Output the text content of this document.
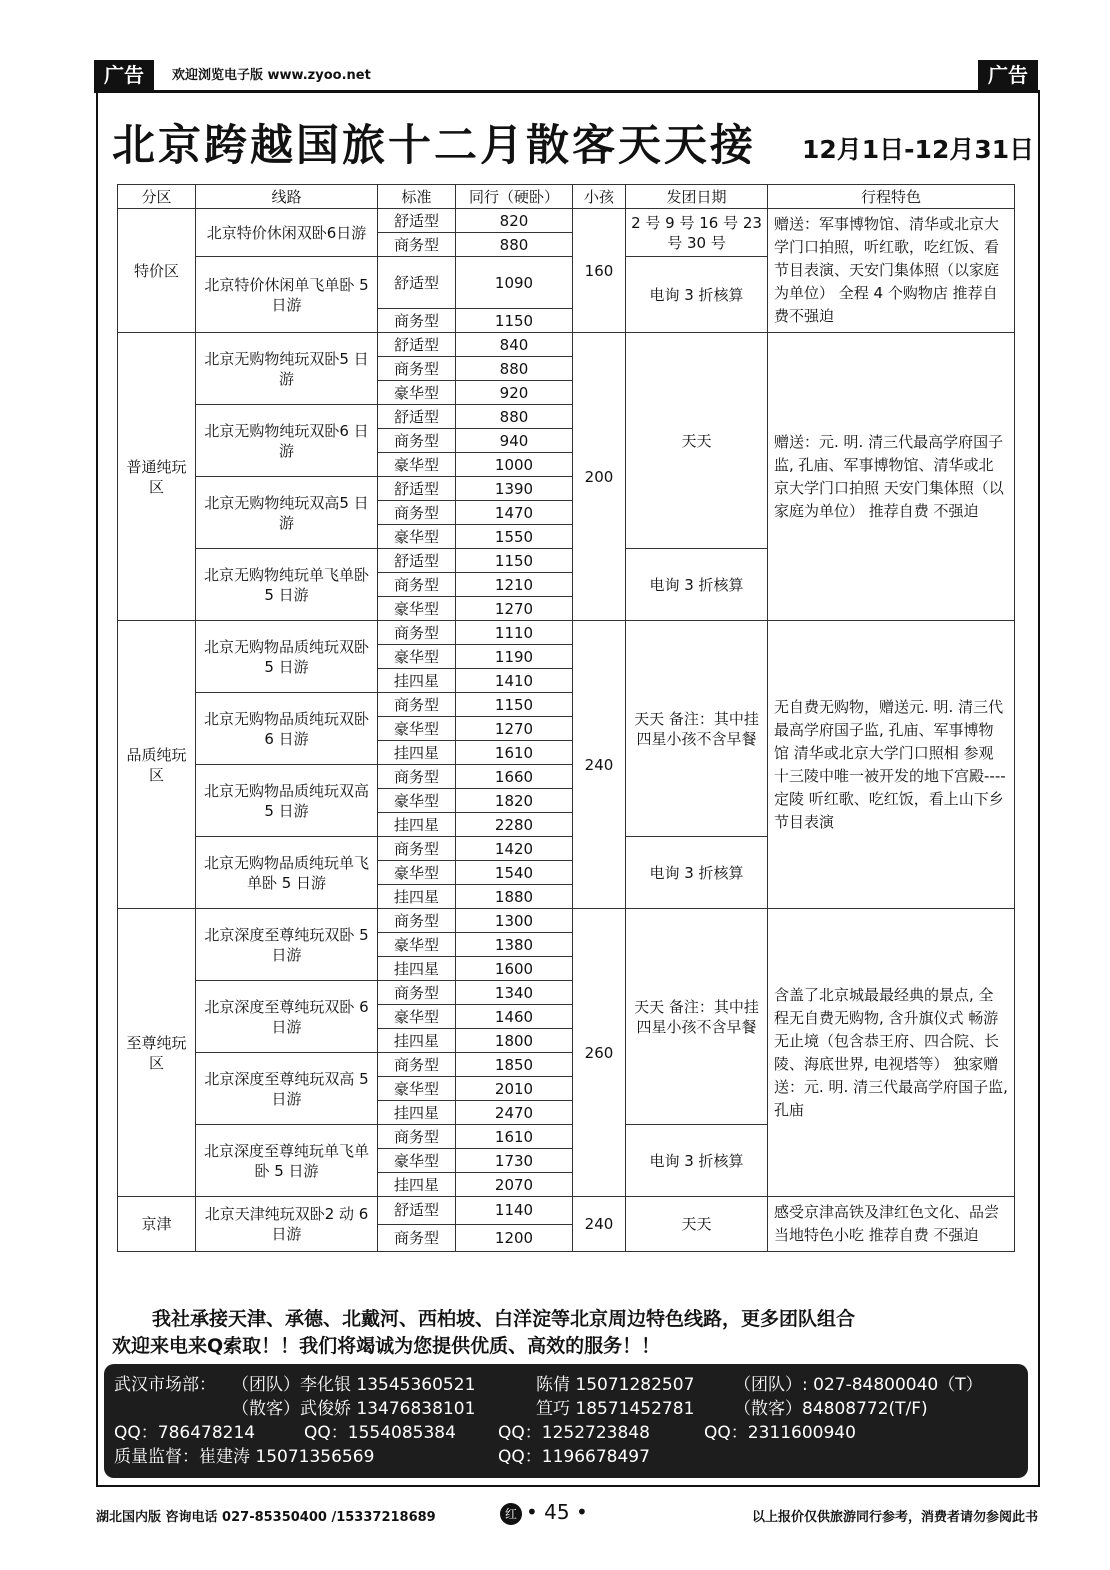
广告	广告
欢迎浏览电子版 www.zyoo.net
北京跨越国旅十二月散客天天接 12月1日-12月31日
分区	线路	标准	同行（硬卧）	小孩	发团日期	行程特色
特价区	北京特价休闲双卧6日游	舒适型	820	160	2 号 9 号 16 号 23 号 30 号	赠送：军事博物馆、清华或北京大学门口拍照，听红歌，吃红饭、看节目表演、天安门集体照（以家庭为单位） 全程 4 个购物店 推荐自费不强迫
		商务型	880			
	北京特价休闲单飞单卧 5 日游	舒适型	1090		电询 3 折核算	
		商务型	1150			
普通纯玩区	北京无购物纯玩双卧5 日游	舒适型	840	200	天天	赠送：元. 明. 清三代最高学府国子监, 孔庙、军事博物馆、清华或北京大学门口拍照 天安门集体照（以家庭为单位） 推荐自费 不强迫
		商务型	880			
		豪华型	920			
	北京无购物纯玩双卧6 日游	舒适型	880			
		商务型	940			
		豪华型	1000			
	北京无购物纯玩双高5 日游	舒适型	1390			
		商务型	1470			
		豪华型	1550			
	北京无购物纯玩单飞单卧 5 日游	舒适型	1150		电询 3 折核算	
		商务型	1210			
		豪华型	1270			
品质纯玩区	北京无购物品质纯玩双卧 5 日游	商务型	1110	240	天天 备注：其中挂四星小孩不含早餐	无自费无购物，赠送元. 明. 清三代最高学府国子监, 孔庙、军事博物馆 清华或北京大学门口照相 参观十三陵中唯一被开发的地下宫殿----定陵 听红歌、吃红饭，看上山下乡节目表演
		豪华型	1190			
		挂四星	1410			
	北京无购物品质纯玩双卧 6 日游	商务型	1150			
		豪华型	1270			
		挂四星	1610			
	北京无购物品质纯玩双高 5 日游	商务型	1660			
		豪华型	1820			
		挂四星	2280			
	北京无购物品质纯玩单飞单卧 5 日游	商务型	1420		电询 3 折核算	
		豪华型	1540			
		挂四星	1880			
至尊纯玩区	北京深度至尊纯玩双卧 5 日游	商务型	1300	260	天天 备注：其中挂四星小孩不含早餐	含盖了北京城最最经典的景点, 全程无自费无购物, 含升旗仪式 畅游无止境（包含恭王府、四合院、长陵、海底世界, 电视塔等） 独家赠送：元. 明. 清三代最高学府国子监, 孔庙
		豪华型	1380			
		挂四星	1600			
	北京深度至尊纯玩双卧 6 日游	商务型	1340			
		豪华型	1460			
		挂四星	1800			
	北京深度至尊纯玩双高 5 日游	商务型	1850			
		豪华型	2010			
		挂四星	2470			
	北京深度至尊纯玩单飞单卧 5 日游	商务型	1610		电询 3 折核算	
		豪华型	1730			
		挂四星	2070			
京津	北京天津纯玩双卧2 动 6 日游	舒适型	1140	240	天天	感受京津高铁及津红色文化、品尝当地特色小吃 推荐自费 不强迫
		商务型	1200			
我社承接天津、承德、北戴河、西柏坡、白洋淀等北京周边特色线路，更多团队组合
欢迎来电来Q索取！！我们将竭诚为您提供优质、高效的服务！！
武汉市场部： （团队）李化银 13545360521	陈倩 15071282507 （团队）: 027-84800040（T）
（散客）武俊娇 13476838101	笪巧 18571452781 （散客）84808772(T/F)
QQ：786478214	QQ：1554085384 QQ：1252723848	QQ：2311600940
质量监督：崔建涛 15071356569	QQ：1196678497
湖北国内版 咨询电话 027-85350400 /15337218689	红 • 45 •	以上报价仅供旅游同行参考，消费者请勿参阅此书
